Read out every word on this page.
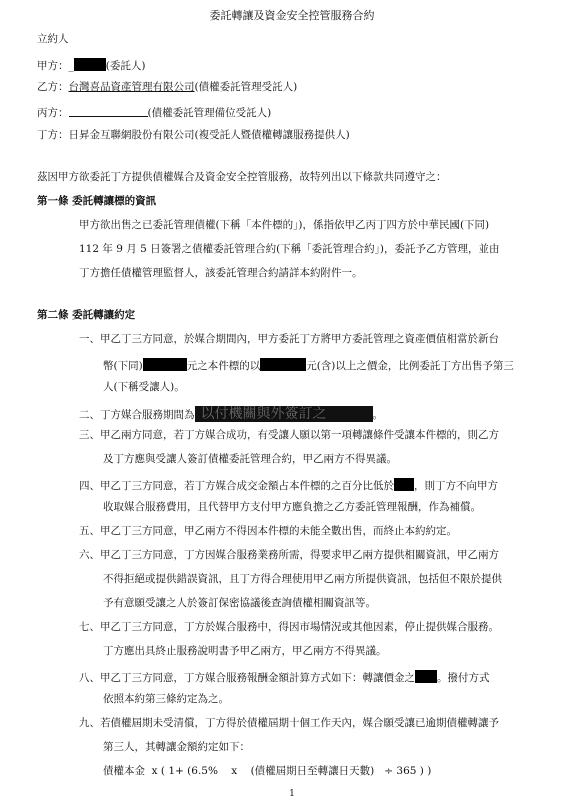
委託轉讓及資金安全控管服務合約
立約人
甲方：_	(委託人)
乙方：台灣喜品資產管理有限公司(債權委託管理受託人)
丙方：	(債權委託管理備位受託人)
丁方：日昇金互聯網股份有限公司(複受託人暨債權轉讓服務提供人)
茲因甲方欲委託丁方提供債權媒合及資金安全控管服務，故特列出以下條款共同遵守之：
第一條 委託轉讓標的資訊
甲方欲出售之已委託管理債權(下稱「本件標的」)，係指依甲乙丙丁四方於中華民國(下同)
112 年 9 月 5 日簽署之債權委託管理合約(下稱「委託管理合約」)，委託予乙方管理，並由
丁方擔任債權管理監督人，該委託管理合約請詳本約附件一。
第二條 委託轉讓約定
一、甲乙丁三方同意，於媒合期間內，甲方委託丁方將甲方委託管理之資產價值相當於新台
幣(下同)	元之本件標的以	元(含)以上之價金，比例委託丁方出售予第三
人(下稱受讓人)。
二、丁方媒合服務期間為 以付機關與外簽訂之	。
三、甲乙兩方同意，若丁方媒合成功，有受讓人願以第一項轉讓條件受讓本件標的，則乙方
及丁方應與受讓人簽訂債權委託管理合約，甲乙兩方不得異議。
四、甲乙丁三方同意，若丁方媒合成交金額占本件標的之百分比低於 ，則丁方不向甲方
收取媒合服務費用，且代替甲方支付甲方應負擔之乙方委託管理報酬，作為補償。
五、甲乙丁三方同意，甲乙兩方不得因本件標的未能全數出售，而終止本約約定。
六、甲乙丁三方同意，丁方因媒合服務業務所需，得要求甲乙兩方提供相關資訊，甲乙兩方
不得拒絕或提供錯誤資訊，且丁方得合理使用甲乙兩方所提供資訊，包括但不限於提供
予有意願受讓之人於簽訂保密協議後查詢債權相關資訊等。
七、甲乙丁三方同意，丁方於媒合服務中，得因市場情況或其他因素，停止提供媒合服務。
丁方應出具終止服務說明書予甲乙兩方，甲乙兩方不得異議。
八、甲乙丁三方同意，丁方媒合服務報酬金額計算方式如下：轉讓價金之 。撥付方式
依照本約第三條約定為之。
九、若債權屆期未受清償，丁方得於債權屆期十個工作天內，媒合願受讓已逾期債權轉讓予
第三人，其轉讓金額約定如下：
債權本金  x ( 1+ (6.5%    x    (債權屆期日至轉讓日天數)   ÷ 365 ) )
1
